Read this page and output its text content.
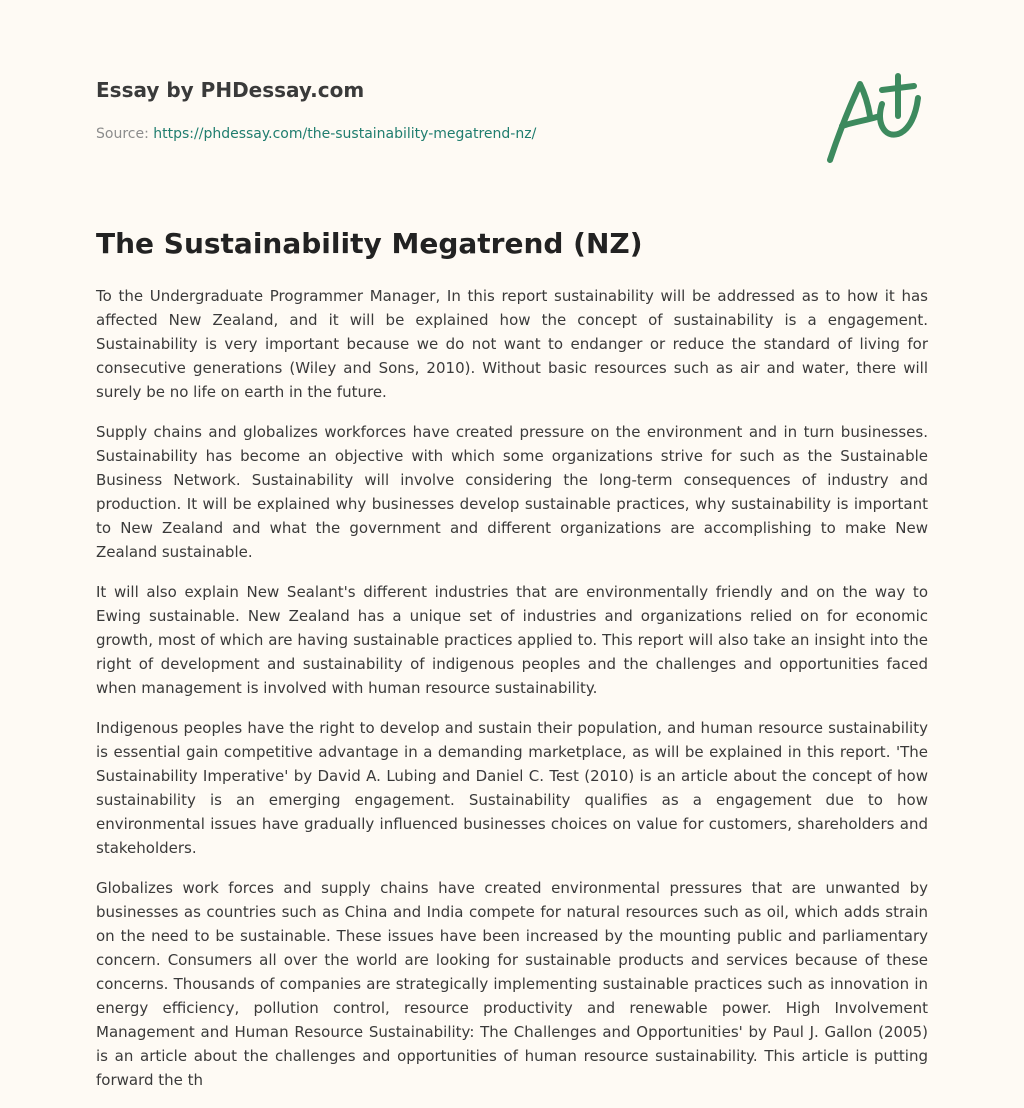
Essay by PHDessay.com
Source: https://phdessay.com/the-sustainability-megatrend-nz/
The Sustainability Megatrend (NZ)

To the Undergraduate Programmer Manager, In this report sustainability will be addressed as to how it has affected New Zealand, and it will be explained how the concept of sustainability is a engagement. Sustainability is very important because we do not want to endanger or reduce the standard of living for consecutive generations (Wiley and Sons, 2010). Without basic resources such as air and water, there will surely be no life on earth in the future.

Supply chains and globalizes workforces have created pressure on the environment and in turn businesses. Sustainability has become an objective with which some organizations strive for such as the Sustainable Business Network. Sustainability will involve considering the long-term consequences of industry and production. It will be explained why businesses develop sustainable practices, why sustainability is important to New Zealand and what the government and different organizations are accomplishing to make New Zealand sustainable.

It will also explain New Sealant's different industries that are environmentally friendly and on the way to Ewing sustainable. New Zealand has a unique set of industries and organizations relied on for economic growth, most of which are having sustainable practices applied to. This report will also take an insight into the right of development and sustainability of indigenous peoples and the challenges and opportunities faced when management is involved with human resource sustainability.

Indigenous peoples have the right to develop and sustain their population, and human resource sustainability is essential gain competitive advantage in a demanding marketplace, as will be explained in this report. 'The Sustainability Imperative' by David A. Lubing and Daniel C. Test (2010) is an article about the concept of how sustainability is an emerging engagement. Sustainability qualifies as a engagement due to how environmental issues have gradually influenced businesses choices on value for customers, shareholders and stakeholders.

Globalizes work forces and supply chains have created environmental pressures that are unwanted by businesses as countries such as China and India compete for natural resources such as oil, which adds strain on the need to be sustainable. These issues have been increased by the mounting public and parliamentary concern. Consumers all over the world are looking for sustainable products and services because of these concerns. Thousands of companies are strategically implementing sustainable practices such as innovation in energy efficiency, pollution control, resource productivity and renewable power. High Involvement Management and Human Resource Sustainability: The Challenges and Opportunities' by Paul J. Gallon (2005) is an article about the challenges and opportunities of human resource sustainability. This article is putting forward the th
